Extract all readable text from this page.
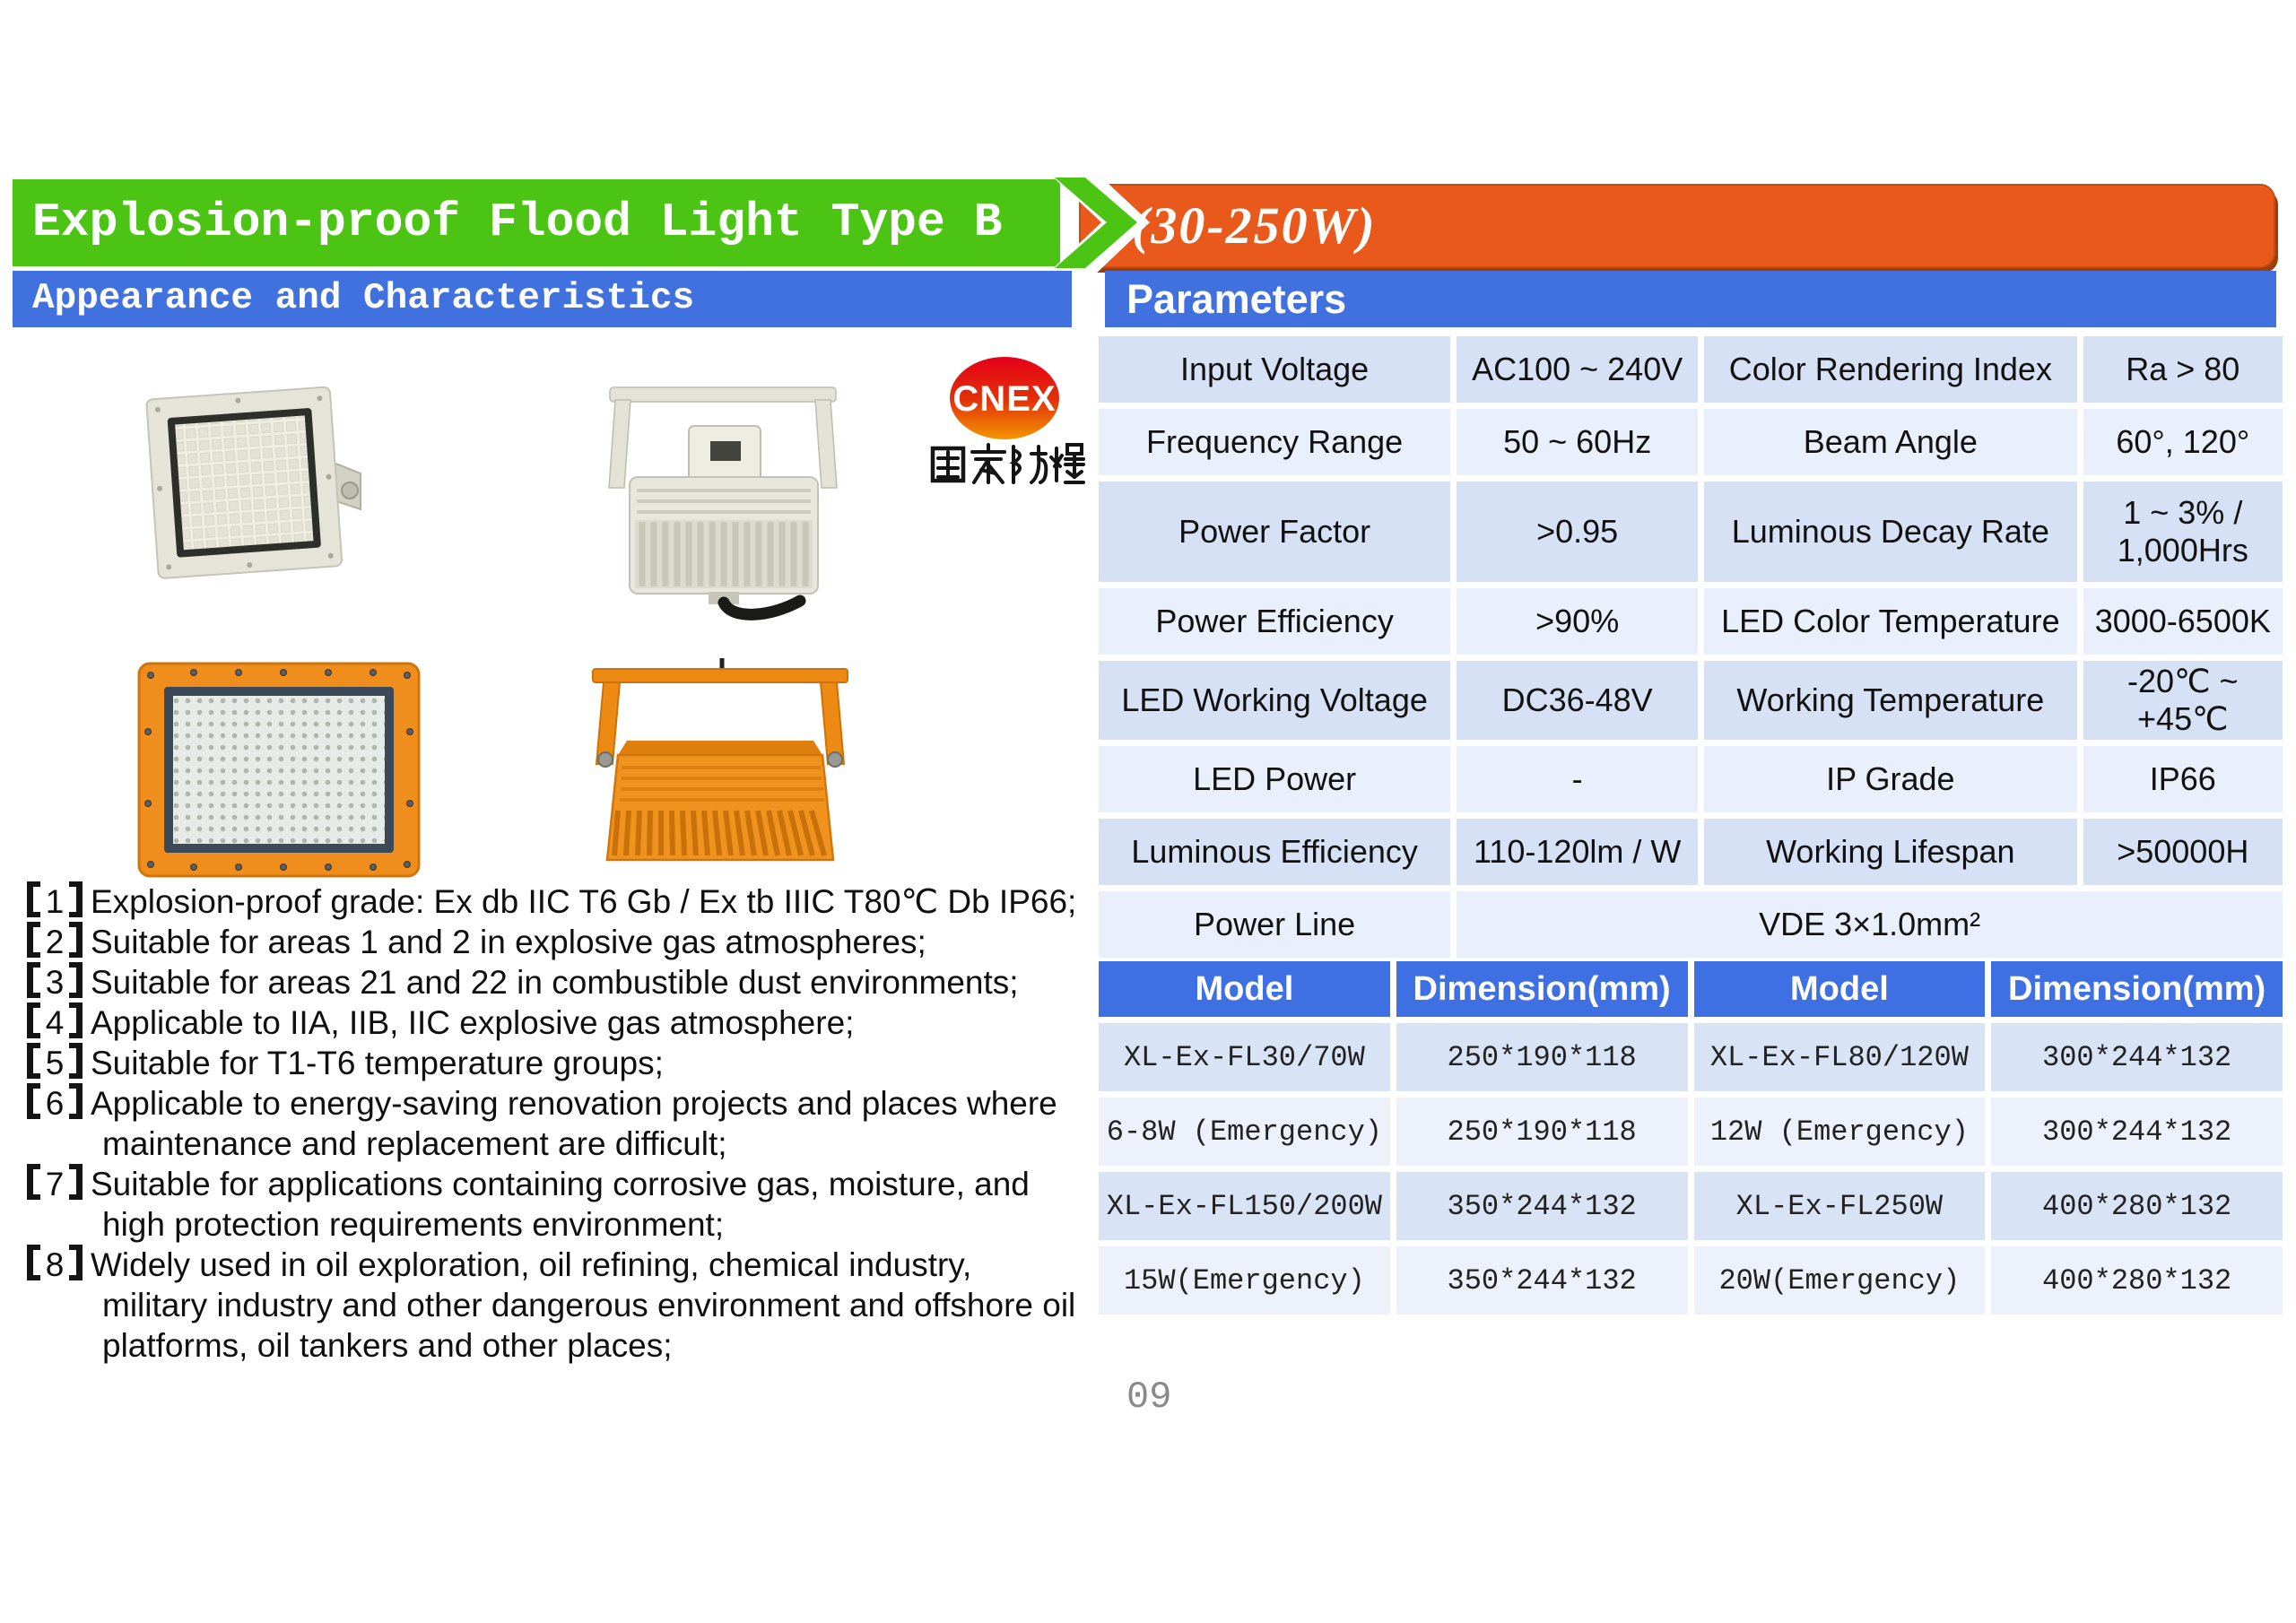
Explosion-proof Flood Light Type B	(30-250W)
Appearance and Characteristics	Parameters
CNEX
1 Explosion-proof grade: Ex db IIC T6 Gb / Ex tb IIIC T80℃ Db IP66;
2 Suitable for areas 1 and 2 in explosive gas atmospheres;
3 Suitable for areas 21 and 22 in combustible dust environments;
4 Applicable to IIA, IIB, IIC explosive gas atmosphere;
5 Suitable for T1-T6 temperature groups;
6 Applicable to energy-saving renovation projects and places where maintenance and replacement are difficult;
7 Suitable for applications containing corrosive gas, moisture, and high protection requirements environment;
8 Widely used in oil exploration, oil refining, chemical industry, military industry and other dangerous environment and offshore oil platforms, oil tankers and other places;
Input Voltage	AC100 ~ 240V	Color Rendering Index	Ra > 80
Frequency Range	50 ~ 60Hz	Beam Angle	60°, 120°
Power Factor	>0.95	Luminous Decay Rate	1 ~ 3% / 1,000Hrs
Power Efficiency	>90%	LED Color Temperature	3000-6500K
LED Working Voltage	DC36-48V	Working Temperature	-20℃ ~ +45℃
LED Power	-	IP Grade	IP66
Luminous Efficiency	110-120lm / W	Working Lifespan	>50000H
Power Line	VDE 3×1.0mm²		
Model	Dimension(mm)	Model	Dimension(mm)
XL-Ex-FL30/70W	250*190*118	XL-Ex-FL80/120W	300*244*132
6-8W (Emergency)	250*190*118	12W (Emergency)	300*244*132
XL-Ex-FL150/200W	350*244*132	XL-Ex-FL250W	400*280*132
15W(Emergency)	350*244*132	20W(Emergency)	400*280*132
09
